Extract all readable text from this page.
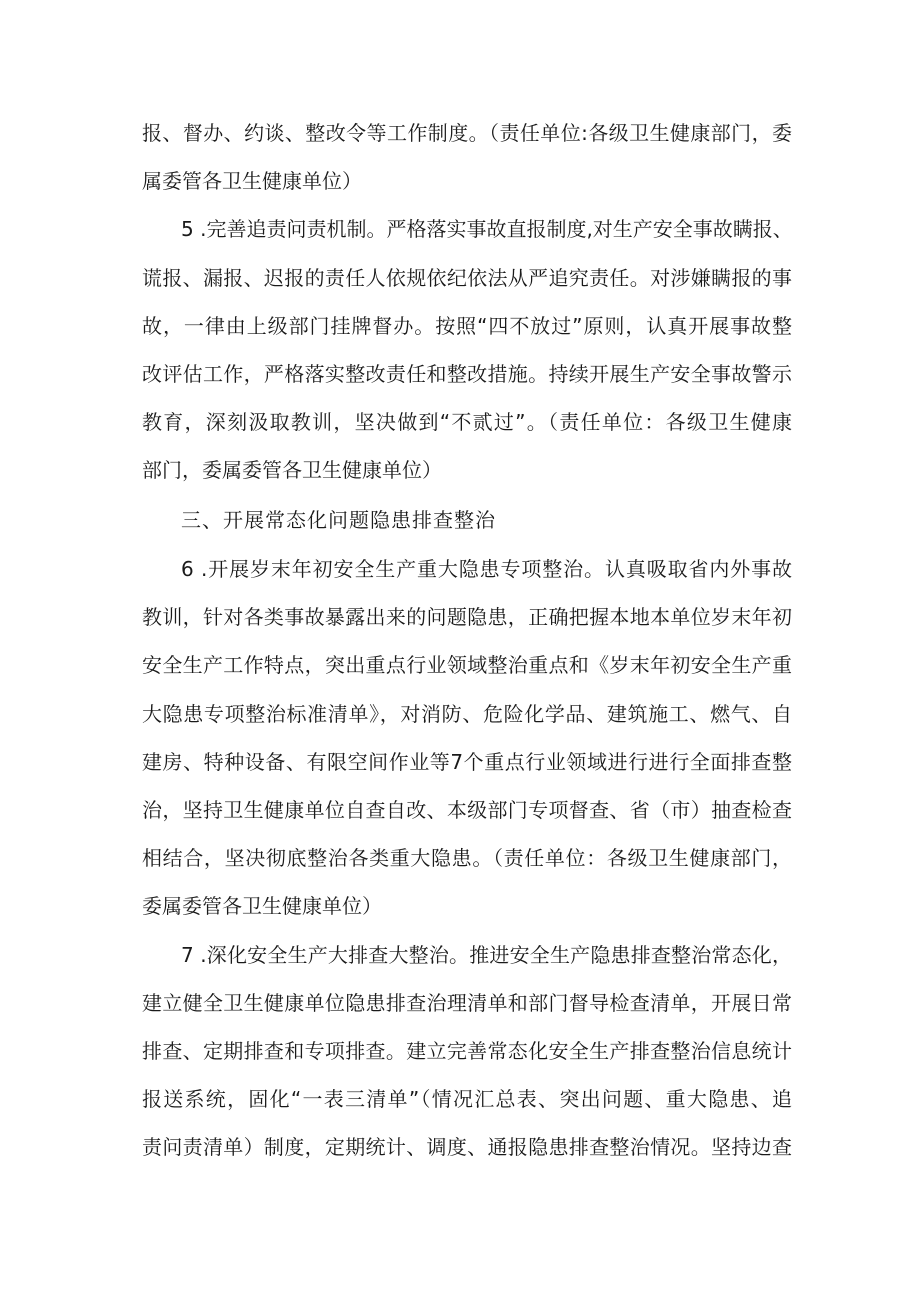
报、督办、约谈、整改令等工作制度。（责任单位:各级卫生健康部门，委
属委管各卫生健康单位）
5 .完善追责问责机制。严格落实事故直报制度,对生产安全事故瞒报、
谎报、漏报、迟报的责任人依规依纪依法从严追究责任。对涉嫌瞒报的事
故，一律由上级部门挂牌督办。按照“四不放过”原则，认真开展事故整
改评估工作，严格落实整改责任和整改措施。持续开展生产安全事故警示
教育，深刻汲取教训，坚决做到“不贰过”。（责任单位：各级卫生健康
部门，委属委管各卫生健康单位）
三、开展常态化问题隐患排查整治
6 .开展岁末年初安全生产重大隐患专项整治。认真吸取省内外事故
教训，针对各类事故暴露出来的问题隐患，正确把握本地本单位岁末年初
安全生产工作特点，突出重点行业领域整治重点和《岁末年初安全生产重
大隐患专项整治标准清单》，对消防、危险化学品、建筑施工、燃气、自
建房、特种设备、有限空间作业等7个重点行业领域进行进行全面排查整
治，坚持卫生健康单位自查自改、本级部门专项督查、省（市）抽查检查
相结合，坚决彻底整治各类重大隐患。（责任单位：各级卫生健康部门，
委属委管各卫生健康单位）
7 .深化安全生产大排查大整治。推进安全生产隐患排查整治常态化，
建立健全卫生健康单位隐患排查治理清单和部门督导检查清单，开展日常
排查、定期排查和专项排查。建立完善常态化安全生产排查整治信息统计
报送系统，固化“一表三清单”（情况汇总表、突出问题、重大隐患、追
责问责清单）制度，定期统计、调度、通报隐患排查整治情况。坚持边查
